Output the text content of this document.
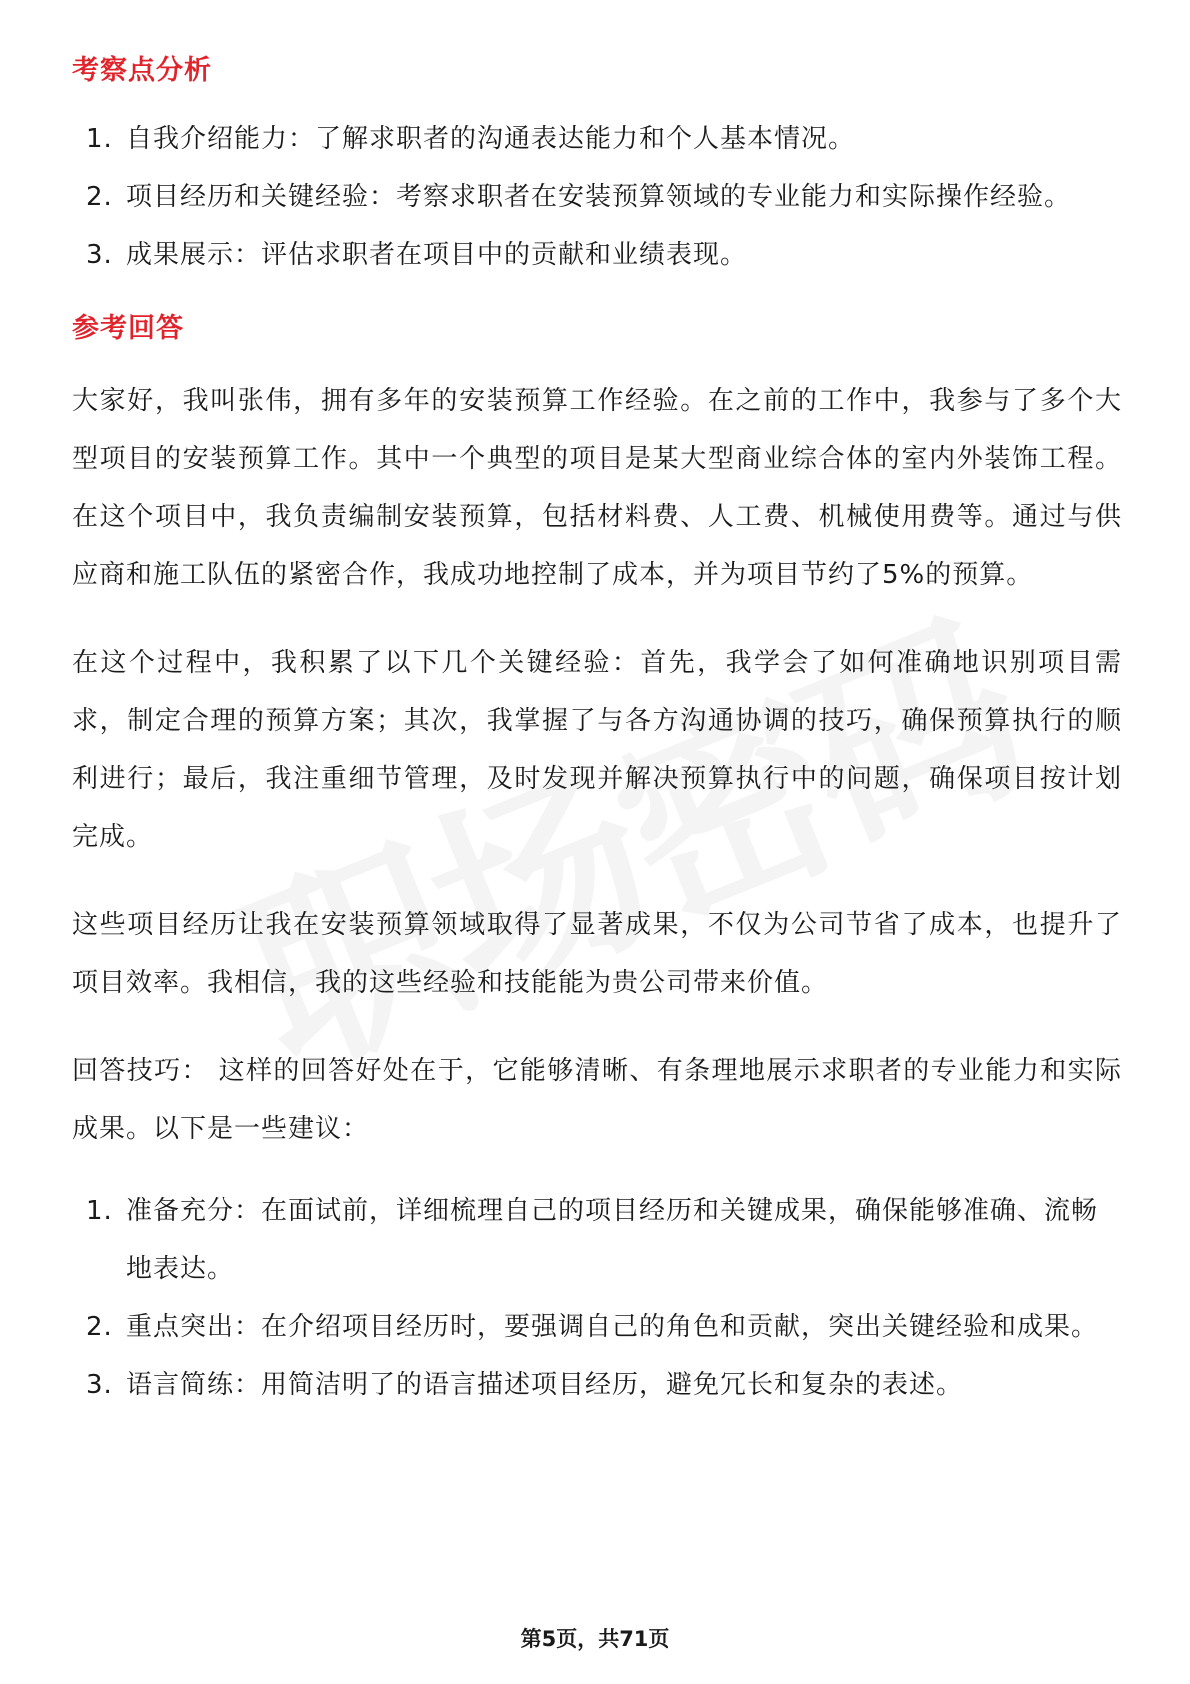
考察点分析
1. 自我介绍能力：了解求职者的沟通表达能力和个人基本情况。
2. 项目经历和关键经验：考察求职者在安装预算领域的专业能力和实际操作经验。
3. 成果展示：评估求职者在项目中的贡献和业绩表现。
参考回答

大家好，我叫张伟，拥有多年的安装预算工作经验。在之前的工作中，我参与了多个大型项目的安装预算工作。其中一个典型的项目是某大型商业综合体的室内外装饰工程。在这个项目中，我负责编制安装预算，包括材料费、人工费、机械使用费等。通过与供应商和施工队伍的紧密合作，我成功地控制了成本，并为项目节约了5%的预算。

在这个过程中，我积累了以下几个关键经验：首先，我学会了如何准确地识别项目需求，制定合理的预算方案；其次，我掌握了与各方沟通协调的技巧，确保预算执行的顺利进行；最后，我注重细节管理，及时发现并解决预算执行中的问题，确保项目按计划完成。

这些项目经历让我在安装预算领域取得了显著成果，不仅为公司节省了成本，也提升了项目效率。我相信，我的这些经验和技能能为贵公司带来价值。

回答技巧： 这样的回答好处在于，它能够清晰、有条理地展示求职者的专业能力和实际成果。以下是一些建议：

1. 准备充分：在面试前，详细梳理自己的项目经历和关键成果，确保能够准确、流畅地表达。
2. 重点突出：在介绍项目经历时，要强调自己的角色和贡献，突出关键经验和成果。
3. 语言简练：用简洁明了的语言描述项目经历，避免冗长和复杂的表述。
第5页，共71页
